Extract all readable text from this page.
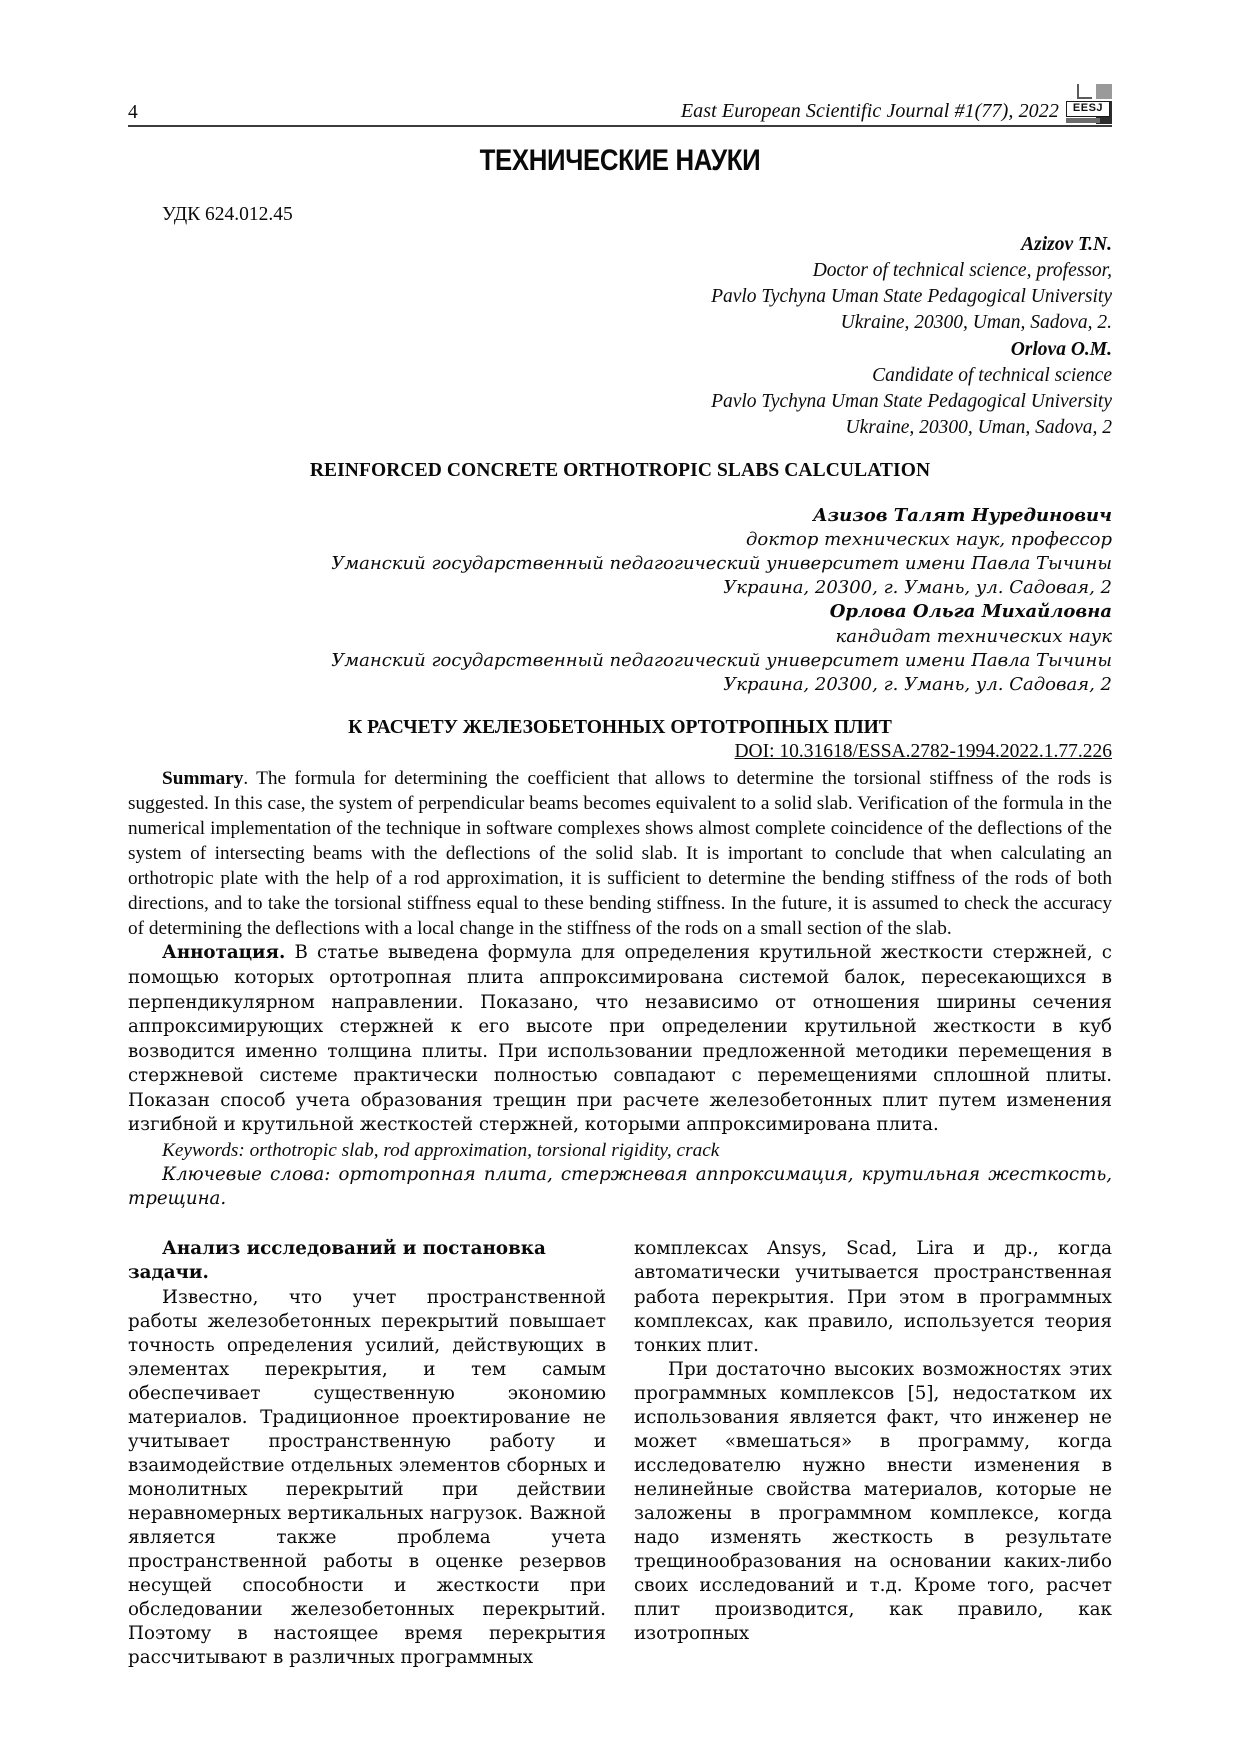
4	East European Scientific Journal #1(77), 2022	EESJ
ТЕХНИЧЕСКИЕ НАУКИ
УДК 624.012.45
Azizov T.N.
Doctor of technical science, professor,
Pavlo Tychyna Uman State Pedagogical University
Ukraine, 20300, Uman, Sadova, 2.
Orlova O.M.
Candidate of technical science
Pavlo Tychyna Uman State Pedagogical University
Ukraine, 20300, Uman, Sadova, 2
REINFORCED CONCRETE ORTHOTROPIC SLABS CALCULATION
Азизов Талят Нурединович
доктор технических наук, профессор
Уманский государственный педагогический университет имени Павла Тычины
Украина, 20300, г. Умань, ул. Садовая, 2
Орлова Ольга Михайловна
кандидат технических наук
Уманский государственный педагогический университет имени Павла Тычины
Украина, 20300, г. Умань, ул. Садовая, 2
К РАСЧЕТУ ЖЕЛЕЗОБЕТОННЫХ ОРТОТРОПНЫХ ПЛИТ
DOI: 10.31618/ESSA.2782-1994.2022.1.77.226
Summary. The formula for determining the coefficient that allows to determine the torsional stiffness of the rods is suggested. In this case, the system of perpendicular beams becomes equivalent to a solid slab. Verification of the formula in the numerical implementation of the technique in software complexes shows almost complete coincidence of the deflections of the system of intersecting beams with the deflections of the solid slab. It is important to conclude that when calculating an orthotropic plate with the help of a rod approximation, it is sufficient to determine the bending stiffness of the rods of both directions, and to take the torsional stiffness equal to these bending stiffness. In the future, it is assumed to check the accuracy of determining the deflections with a local change in the stiffness of the rods on a small section of the slab.
Аннотация. В статье выведена формула для определения крутильной жесткости стержней, с помощью которых ортотропная плита аппроксимирована системой балок, пересекающихся в перпендикулярном направлении. Показано, что независимо от отношения ширины сечения аппроксимирующих стержней к его высоте при определении крутильной жесткости в куб возводится именно толщина плиты. При использовании предложенной методики перемещения в стержневой системе практически полностью совпадают с перемещениями сплошной плиты. Показан способ учета образования трещин при расчете железобетонных плит путем изменения изгибной и крутильной жесткостей стержней, которыми аппроксимирована плита.
Keywords: orthotropic slab, rod approximation, torsional rigidity, crack
Ключевые слова: ортотропная плита, стержневая аппроксимация, крутильная жесткость, трещина.

Анализ исследований и постановка задачи.

Известно, что учет пространственной работы железобетонных перекрытий повышает точность определения усилий, действующих в элементах перекрытия, и тем самым обеспечивает существенную экономию материалов. Традиционное проектирование не учитывает пространственную работу и взаимодействие отдельных элементов сборных и монолитных перекрытий при действии неравномерных вертикальных нагрузок. Важной является также проблема учета пространственной работы в оценке резервов несущей способности и жесткости при обследовании железобетонных перекрытий. Поэтому в настоящее время перекрытия рассчитывают в различных программных

комплексах Ansys, Scad, Lira и др., когда автоматически учитывается пространственная работа перекрытия. При этом в программных комплексах, как правило, используется теория тонких плит.

При достаточно высоких возможностях этих программных комплексов [5], недостатком их использования является факт, что инженер не может «вмешаться» в программу, когда исследователю нужно внести изменения в нелинейные свойства материалов, которые не заложены в программном комплексе, когда надо изменять жесткость в результате трещинообразования на основании каких-либо своих исследований и т.д. Кроме того, расчет плит производится, как правило, как изотропных
